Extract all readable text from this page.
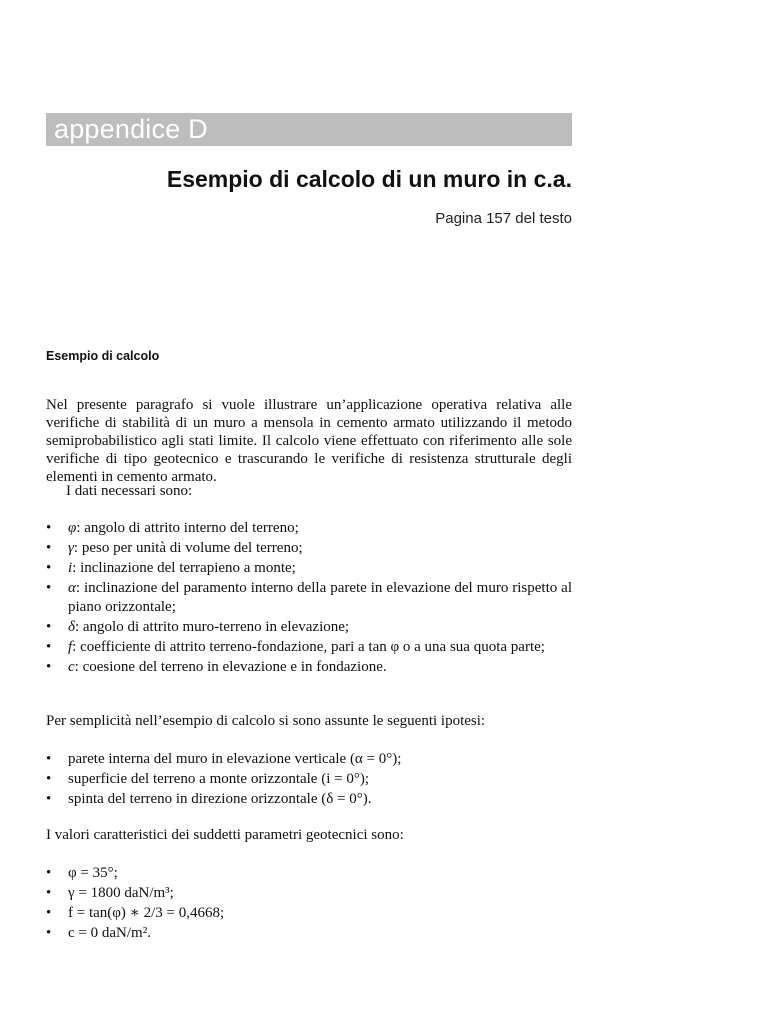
appendice D
Esempio di calcolo di un muro in c.a.
Pagina 157 del testo
Esempio di calcolo

Nel presente paragrafo si vuole illustrare un’applicazione operativa relativa alle verifiche di stabilità di un muro a mensola in cemento armato utilizzando il metodo semiprobabilistico agli stati limite. Il calcolo viene effettuato con riferimento alle sole verifiche di tipo geotecnico e trascurando le verifiche di resistenza strutturale degli elementi in cemento armato.

I dati necessari sono:

• φ: angolo di attrito interno del terreno;
• γ: peso per unità di volume del terreno;
• i: inclinazione del terrapieno a monte;
• α: inclinazione del paramento interno della parete in elevazione del muro rispetto al piano orizzontale;
• δ: angolo di attrito muro-terreno in elevazione;
• f: coefficiente di attrito terreno-fondazione, pari a tan φ o a una sua quota parte;
• c: coesione del terreno in elevazione e in fondazione.

Per semplicità nell’esempio di calcolo si sono assunte le seguenti ipotesi:

• parete interna del muro in elevazione verticale (α = 0°);
• superficie del terreno a monte orizzontale (i = 0°);
• spinta del terreno in direzione orizzontale (δ = 0°).

I valori caratteristici dei suddetti parametri geotecnici sono:

• φ = 35°;
• γ = 1800 daN/m³;
• f = tan(φ) ∗ 2/3 = 0,4668;
• c = 0 daN/m².
